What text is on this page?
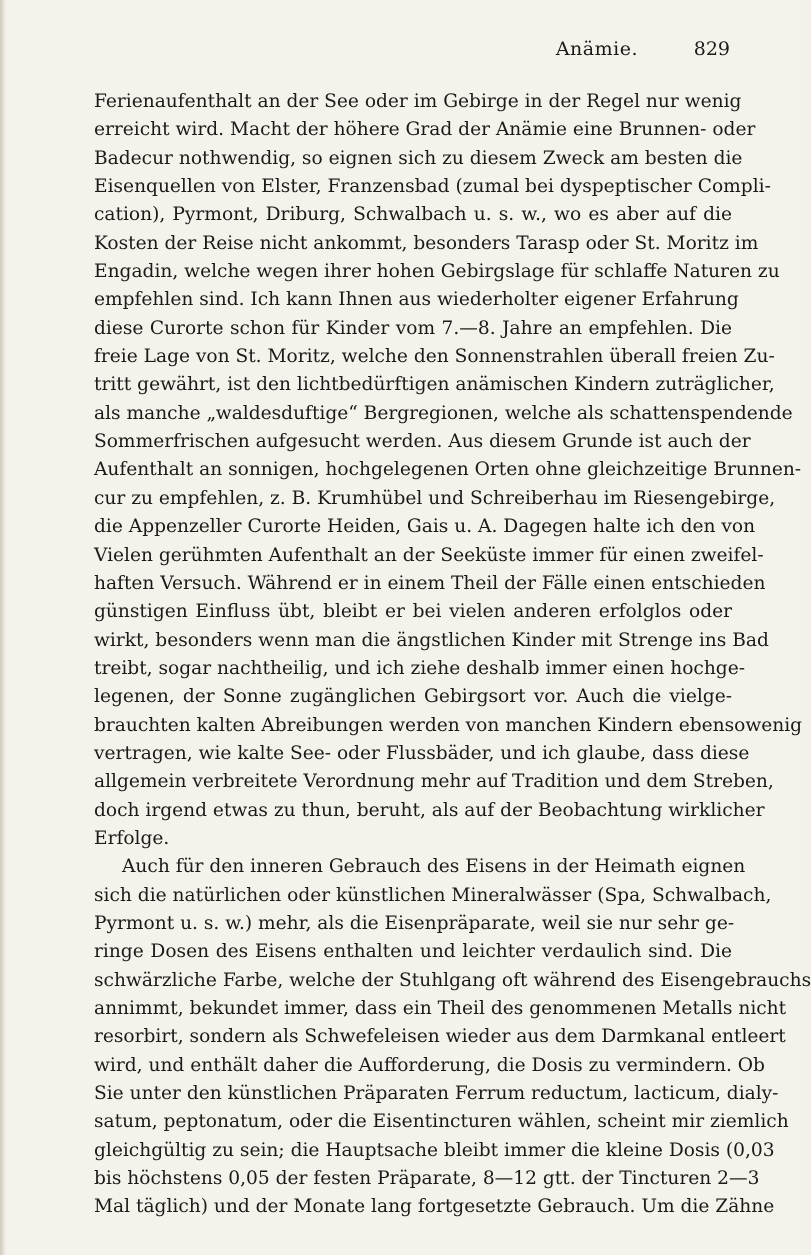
Anämie.	829
Ferienaufenthalt an der See oder im Gebirge in der Regel nur wenig
erreicht wird. Macht der höhere Grad der Anämie eine Brunnen- oder
Badecur nothwendig, so eignen sich zu diesem Zweck am besten die
Eisenquellen von Elster, Franzensbad (zumal bei dyspeptischer Compli-
cation), Pyrmont, Driburg, Schwalbach u. s. w., wo es aber auf die
Kosten der Reise nicht ankommt, besonders Tarasp oder St. Moritz im
Engadin, welche wegen ihrer hohen Gebirgslage für schlaffe Naturen zu
empfehlen sind. Ich kann Ihnen aus wiederholter eigener Erfahrung
diese Curorte schon für Kinder vom 7.—8. Jahre an empfehlen. Die
freie Lage von St. Moritz, welche den Sonnenstrahlen überall freien Zu-
tritt gewährt, ist den lichtbedürftigen anämischen Kindern zuträglicher,
als manche „waldesduftige“ Bergregionen, welche als schattenspendende
Sommerfrischen aufgesucht werden. Aus diesem Grunde ist auch der
Aufenthalt an sonnigen, hochgelegenen Orten ohne gleichzeitige Brunnen-
cur zu empfehlen, z. B. Krumhübel und Schreiberhau im Riesengebirge,
die Appenzeller Curorte Heiden, Gais u. A. Dagegen halte ich den von
Vielen gerühmten Aufenthalt an der Seeküste immer für einen zweifel-
haften Versuch. Während er in einem Theil der Fälle einen entschieden
günstigen Einfluss übt, bleibt er bei vielen anderen erfolglos oder
wirkt, besonders wenn man die ängstlichen Kinder mit Strenge ins Bad
treibt, sogar nachtheilig, und ich ziehe deshalb immer einen hochge-
legenen, der Sonne zugänglichen Gebirgsort vor. Auch die vielge-
brauchten kalten Abreibungen werden von manchen Kindern ebensowenig
vertragen, wie kalte See- oder Flussbäder, und ich glaube, dass diese
allgemein verbreitete Verordnung mehr auf Tradition und dem Streben,
doch irgend etwas zu thun, beruht, als auf der Beobachtung wirklicher
Erfolge.
Auch für den inneren Gebrauch des Eisens in der Heimath eignen
sich die natürlichen oder künstlichen Mineralwässer (Spa, Schwalbach,
Pyrmont u. s. w.) mehr, als die Eisenpräparate, weil sie nur sehr ge-
ringe Dosen des Eisens enthalten und leichter verdaulich sind. Die
schwärzliche Farbe, welche der Stuhlgang oft während des Eisengebrauchs
annimmt, bekundet immer, dass ein Theil des genommenen Metalls nicht
resorbirt, sondern als Schwefeleisen wieder aus dem Darmkanal entleert
wird, und enthält daher die Aufforderung, die Dosis zu vermindern. Ob
Sie unter den künstlichen Präparaten Ferrum reductum, lacticum, dialy-
satum, peptonatum, oder die Eisentincturen wählen, scheint mir ziemlich
gleichgültig zu sein; die Hauptsache bleibt immer die kleine Dosis (0,03
bis höchstens 0,05 der festen Präparate, 8—12 gtt. der Tincturen 2—3
Mal täglich) und der Monate lang fortgesetzte Gebrauch. Um die Zähne
